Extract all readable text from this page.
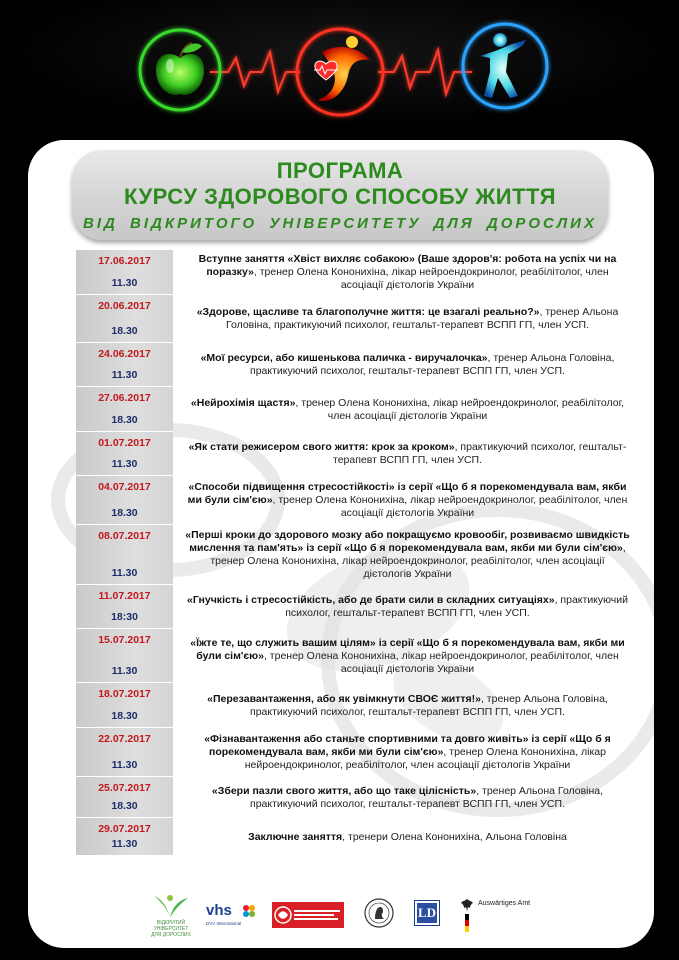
ПРОГРАМА
КУРСУ ЗДОРОВОГО СПОСОБУ ЖИТТЯ
ВІД ВІДКРИТОГО УНІВЕРСИТЕТУ ДЛЯ ДОРОСЛИХ
17.06.2017
11.30
Вступне заняття «Хвіст вихляє собакою» (Ваше здоров'я: робота на успіх чи на поразку», тренер Олена Кононихіна, лікар нейроендокринолог, реабілітолог, член асоціації дієтологів України
20.06.2017
18.30
«Здорове, щасливе та благополучне життя: це взагалі реально?», тренер Альона Головіна, практикуючий психолог, гештальт-терапевт ВСПП ГП, член УСП.
24.06.2017
11.30
«Мої ресурси, або кишенькова паличка - виручалочка», тренер Альона Головіна, практикуючий психолог, гештальт-терапевт ВСПП ГП, член УСП.
27.06.2017
18.30
«Нейрохімія щастя», тренер Олена Кононихіна, лікар нейроендокринолог, реабілітолог, член асоціації дієтологів України
01.07.2017
11.30
«Як стати режисером свого життя: крок за кроком», практикуючий психолог, гештальт-терапевт ВСПП ГП, член УСП.
04.07.2017
18.30
«Способи підвищення стресостійкості» із серії «Що б я порекомендувала вам, якби ми були сім'єю», тренер Олена Кононихіна, лікар нейроендокринолог, реабілітолог, член асоціації дієтологів України
08.07.2017
11.30
«Перші кроки до здорового мозку або покращуємо кровообіг, розвиваємо швидкість мислення та пам'ять» із серії «Що б я порекомендувала вам, якби ми були сім'єю», тренер Олена Кононихіна, лікар нейроендокринолог, реабілітолог, член асоціації дієтологів України
11.07.2017
18:30
«Гнучкість і стресостійкість, або де брати сили в складних ситуаціях», практикуючий психолог, гештальт-терапевт ВСПП ГП, член УСП.
15.07.2017
11.30
«Їжте те, що служить вашим цілям» із серії «Що б я порекомендувала вам, якби ми були сім'єю», тренер Олена Кононихіна, лікар нейроендокринолог, реабілітолог, член асоціації дієтологів України
18.07.2017
18.30
«Перезавантаження, або як увімкнути СВОЄ життя!», тренер Альона Головіна, практикуючий психолог, гештальт-терапевт ВСПП ГП, член УСП.
22.07.2017
11.30
«Фізнавантаження або станьте спортивними та довго живіть» із серії «Що б я порекомендувала вам, якби ми були сім'єю», тренер Олена Кононихіна, лікар нейроендокринолог, реабілітолог, член асоціації дієтологів України
25.07.2017
18.30
«Збери пазли свого життя, або що таке цілісність», тренер Альона Головіна, практикуючий психолог, гештальт-терапевт ВСПП ГП, член УСП.
29.07.2017
11.30
Заключне заняття, тренери Олена Кононихіна, Альона Головіна
ВІДКРИТИЙ
УНІВЕРСИТЕТ
ДЛЯ ДОРОСЛИХ
vhs
DVV International
LD
Auswärtiges Amt
